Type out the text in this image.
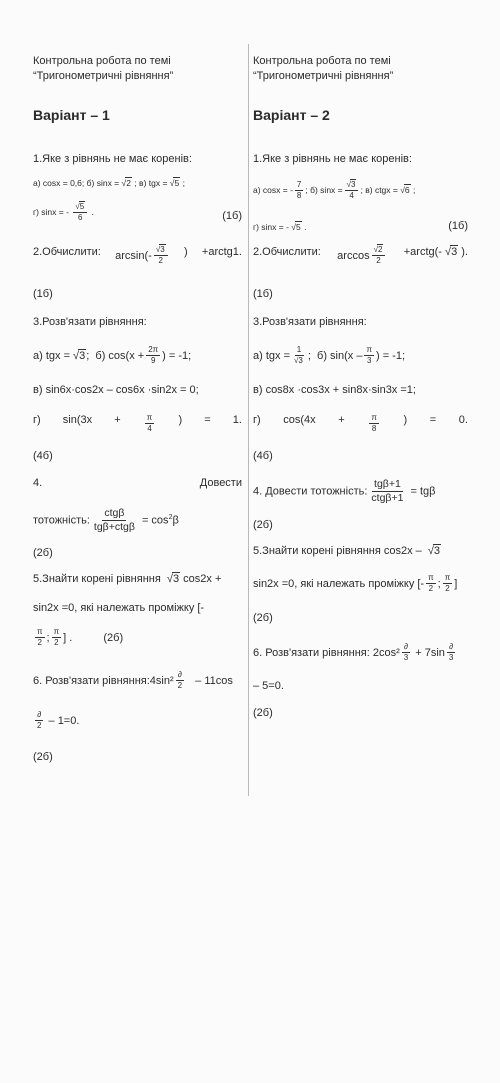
Контрольна робота по темі “Тригонометричні рівняння”
Варіант – 1
1.Яке з рівнянь не має коренів:
а) cosx = 0,6; б) sinx = √2 ; в) tgx = √5 ;
г) sinx = - $\frac{√5}{6}$ .	(1б)
2.Обчислити: $\arcsin(- \frac{√3}{2}$ ) +arctg1.
(1б)
3.Розв'язати рівняння:
а) tgx = √3; б) $\cos(x + \frac{2\pi}{9}$ ) = -1;
в) sin6x·cos2x – cos6x ·sin2x = 0;
г) sin(3x +	$\frac{\pi}{4}$ ) = 1.
(4б)
4.	Довести
тотожність: $\frac{\text{ctgβ}}{\text{tgβ+ctgβ}} = \cos^2\beta$
(2б)
5.Знайти корені рівняння  √3 cos2x +
sin2x =0, які належать проміжку [-
$\frac{\pi}{2}$ ; $\frac{\pi}{2}$ ] .	(2б)
6. Розв'язати рівняння:4sin² $\frac{\partial}{2} - 11\cos$
$\frac{\partial}{2} - 1=0$.
(2б)
Контрольна робота по темі “Тригонометричні рівняння”
Варіант – 2
1.Яке з рівнянь не має коренів:
а) cosx = - $\frac{7}{8}$ ; б) $\sin x = \frac{√3}{4}$ ; в) ctgx = √6 ;
г) sinx = - √5 .	(1б)
2.Обчислити: $\arccos \frac{√2}{2}$ +arctg(- √3 ).
(1б)
3.Розв'язати рівняння:
а) tgx = $\frac{1}{√3}$ ; б) $\sin(x - \frac{\pi}{3}$ ) = -1;
в) cos8x ·cos3x + sin8x·sin3x =1;
г) cos(4x +	$\frac{\pi}{8}$ ) = 0.
(4б)
4. Довести тотожність: $\frac{\text{tgβ+1}}{\text{ctgβ+1}} = tg\beta$
(2б)
5.Знайти корені рівняння cos2x –  √3
sin2x =0, які належать проміжку [- $\frac{\pi}{2}$ ; $\frac{\pi}{2}$ ]
(2б)
6. Розв'язати рівняння: $2\cos^2 \frac{\partial}{3} + 7\sin \frac{\partial}{3}$
– 5=0.
(2б)
